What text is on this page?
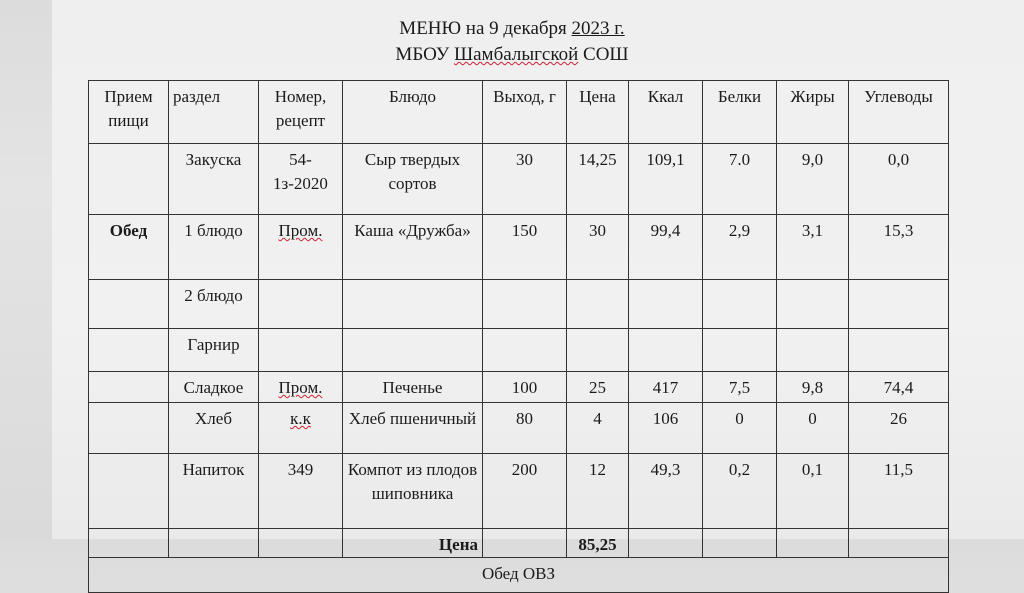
МЕНЮ на 9 декабря 2023 г.
МБОУ Шамбалыгской СОШ
Прием пищи	раздел	Номер, рецепт	Блюдо	Выход, г	Цена	Ккал	Белки	Жиры	Углеводы
	Закуска	54-1з-2020	Сыр твердых сортов	30	14,25	109,1	7.0	9,0	0,0
Обед	1 блюдо	Пром.	Каша «Дружба»	150	30	99,4	2,9	3,1	15,3
	2 блюдо								
	Гарнир								
	Сладкое	Пром.	Печенье	100	25	417	7,5	9,8	74,4
	Хлеб	к.к	Хлеб пшеничный	80	4	106	0	0	26
	Напиток	349	Компот из плодов шиповника	200	12	49,3	0,2	0,1	11,5
			Цена		85,25				
Обед ОВЗ									
